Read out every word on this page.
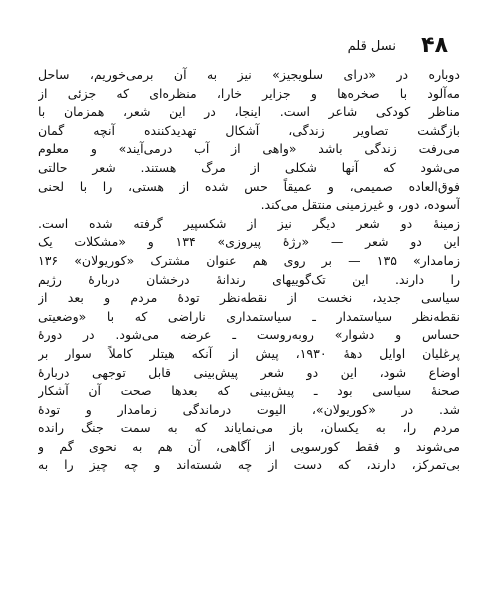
۴۸
نسل قلم
دوباره در «درای سلویجیز» نیز به آن برمی‌خوریم، ساحل
مه‌آلود با صخره‌ها و جزایر خارا، منظره‌ای که جزئی از
مناظر کودکی شاعر است. اینجا، در این شعر، همزمان با
بازگشت تصاویر زندگی، آشکال تهدیدکننده آنچه گمان
می‌رفت زندگی باشد «واهی از آب درمی‌آیند» و معلوم
می‌شود که آنها شکلی از مرگ هستند. شعر حالتی
فوق‌العاده صمیمی، و عمیقاً حس شده از هستی، را با لحنی
آسوده، دور، و غیرزمینی منتقل می‌کند.
زمینهٔ دو شعر دیگر نیز از شکسپیر گرفته شده است.
این دو شعر — «رژهٔ پیروزی» ۱۳۴ و «مشکلات یک
زمامدار» ۱۳۵ — بر روی هم عنوان مشترک «کوریولان» ۱۳۶
را دارند. این تک‌گوییهای رندانهٔ درخشان دربارهٔ رژیم
سیاسی جدید، نخست از نقطه‌نظر تودهٔ مردم و بعد از
نقطه‌نظر سیاستمدار ـ سیاستمداری ناراضی که با «وضعیتی
حساس و دشوار» روبه‌روست ـ عرضه می‌شود. در دورهٔ
پرغلیان اوایل دههٔ ۱۹۳۰، پیش از آنکه هیتلر کاملاً سوار بر
اوضاع شود، این دو شعر پیش‌بینی قابل توجهی دربارهٔ
صحنهٔ سیاسی بود ـ پیش‌بینی که بعدها صحت آن آشکار
شد. در «کوریولان»، الیوت درماندگی زمامدار و تودهٔ
مردم را، به یکسان، باز می‌نمایاند که به سمت جنگ رانده
می‌شوند و فقط کورسویی از آگاهی، آن هم به نحوی گم و
بی‌تمرکز، دارند، که دست از چه شسته‌اند و چه چیز را به
